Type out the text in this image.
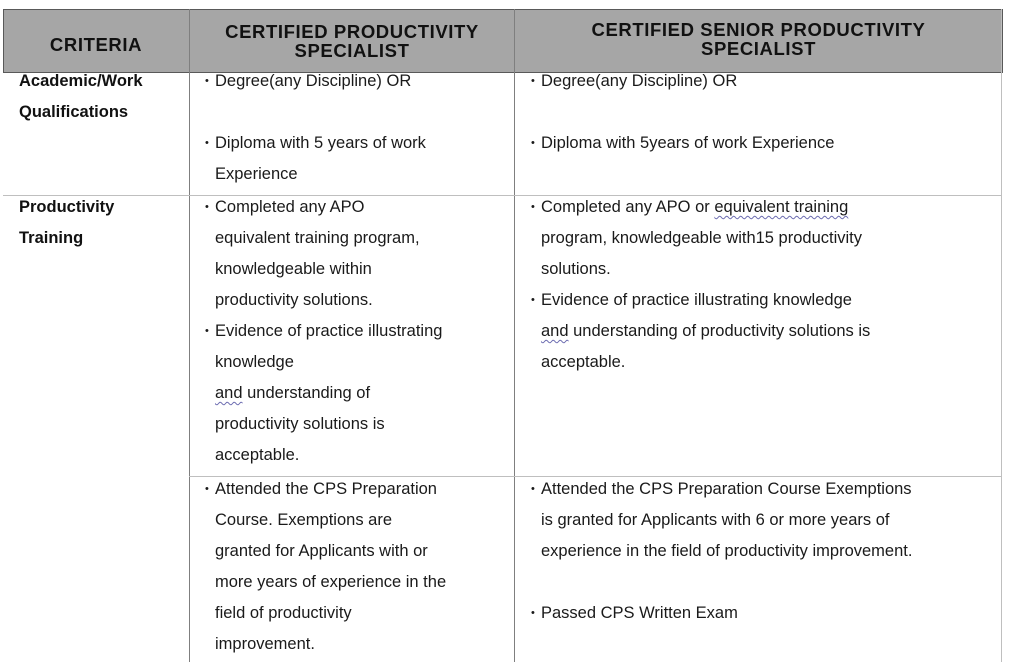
CRITERIA
CERTIFIED PRODUCTIVITY
SPECIALIST
CERTIFIED SENIOR PRODUCTIVITY
SPECIALIST
Academic/Work
Qualifications
• Degree(any Discipline) OR
• Diploma with 5 years of work
Experience
• Degree(any Discipline) OR
• Diploma with 5years of work Experience
Productivity
Training
• Completed any APO
equivalent training program,
knowledgeable within
productivity solutions.
• Evidence of practice illustrating
knowledge
and understanding of
productivity solutions is
acceptable.
• Completed any APO or equivalent training
program, knowledgeable with15 productivity
solutions.
• Evidence of practice illustrating knowledge
and understanding of productivity solutions is
acceptable.
• Attended the CPS Preparation
Course. Exemptions are
granted for Applicants with or
more years of experience in the
field of productivity
improvement.
• Attended the CPS Preparation Course Exemptions
is granted for Applicants with 6 or more years of
experience in the field of productivity improvement.
• Passed CPS Written Exam
